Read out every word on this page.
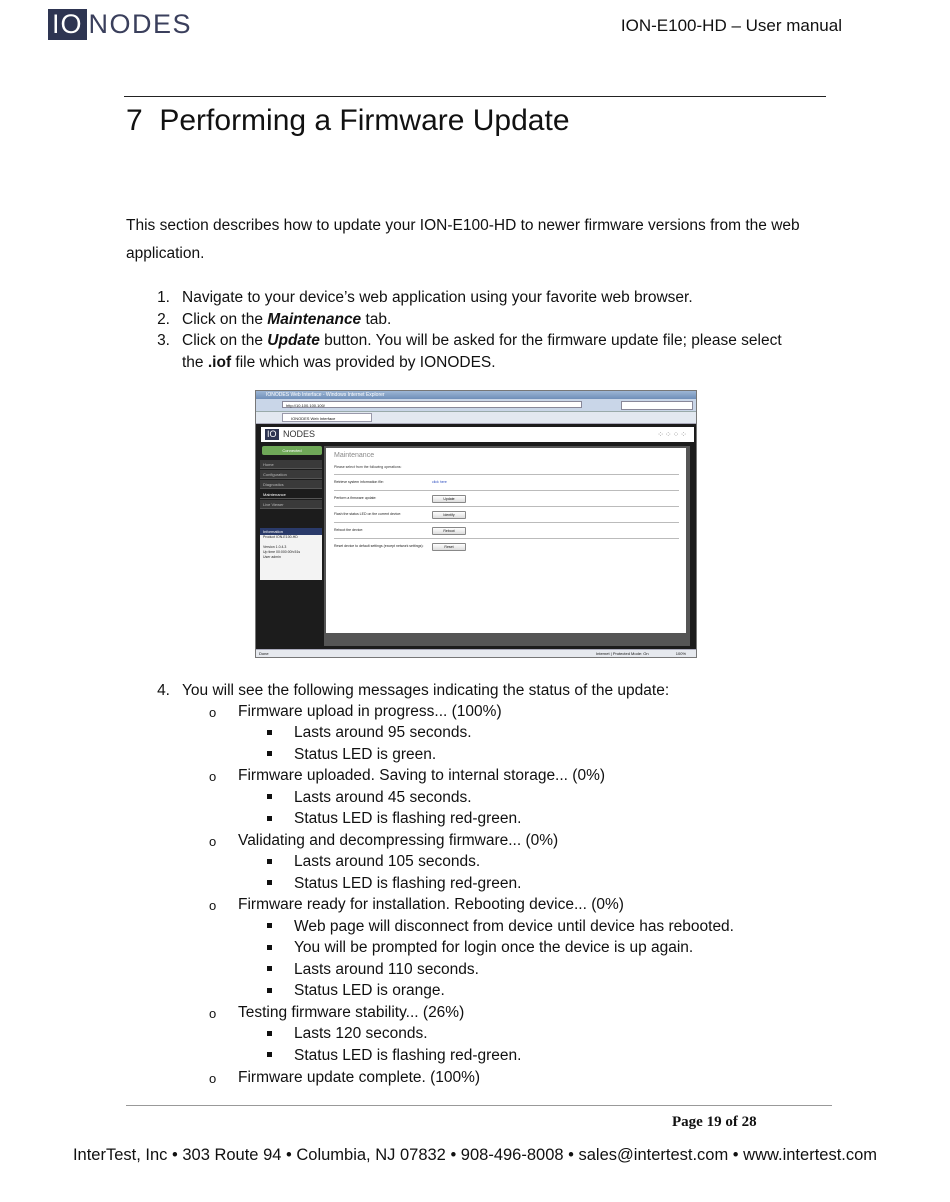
IO NODES	ION-E100-HD – User manual
7 Performing a Firmware Update
This section describes how to update your ION-E100-HD to newer firmware versions from the web application.
1. Navigate to your device’s web application using your favorite web browser.
2. Click on the Maintenance tab.
3. Click on the Update button. You will be asked for the firmware update file; please select
the .iof file which was provided by IONODES.
IONODES Web Interface - Windows Internet Explorer
http://10.100.100.100/
IONODES Web Interface
IO NODES	⁘⁘⁘⁘
Connected
Home
Configuration
Diagnostics
Maintenance
Live Viewer
Information
Product ION-E100-HD

Version 1.0.4.3
Up time 00:000:00h:51s
User admin
Maintenance
Please select from the following operations:
Retrieve system information file:	click here
Perform a firmware update:	Update
Flash the status LED on the current device:	Identify
Reboot the device:	Reboot
Reset device to default settings (except network settings):	Reset
Done	Internet | Protected Mode: On	100%
4. You will see the following messages indicating the status of the update:
o Firmware upload in progress... (100%)
Lasts around 95 seconds.
Status LED is green.
o Firmware uploaded. Saving to internal storage... (0%)
Lasts around 45 seconds.
Status LED is flashing red-green.
o Validating and decompressing firmware... (0%)
Lasts around 105 seconds.
Status LED is flashing red-green.
o Firmware ready for installation. Rebooting device... (0%)
Web page will disconnect from device until device has rebooted.
You will be prompted for login once the device is up again.
Lasts around 110 seconds.
Status LED is orange.
o Testing firmware stability... (26%)
Lasts 120 seconds.
Status LED is flashing red-green.
o Firmware update complete. (100%)
Page 19 of 28
InterTest, Inc • 303 Route 94 • Columbia, NJ 07832 • 908-496-8008 • sales@intertest.com • www.intertest.com
